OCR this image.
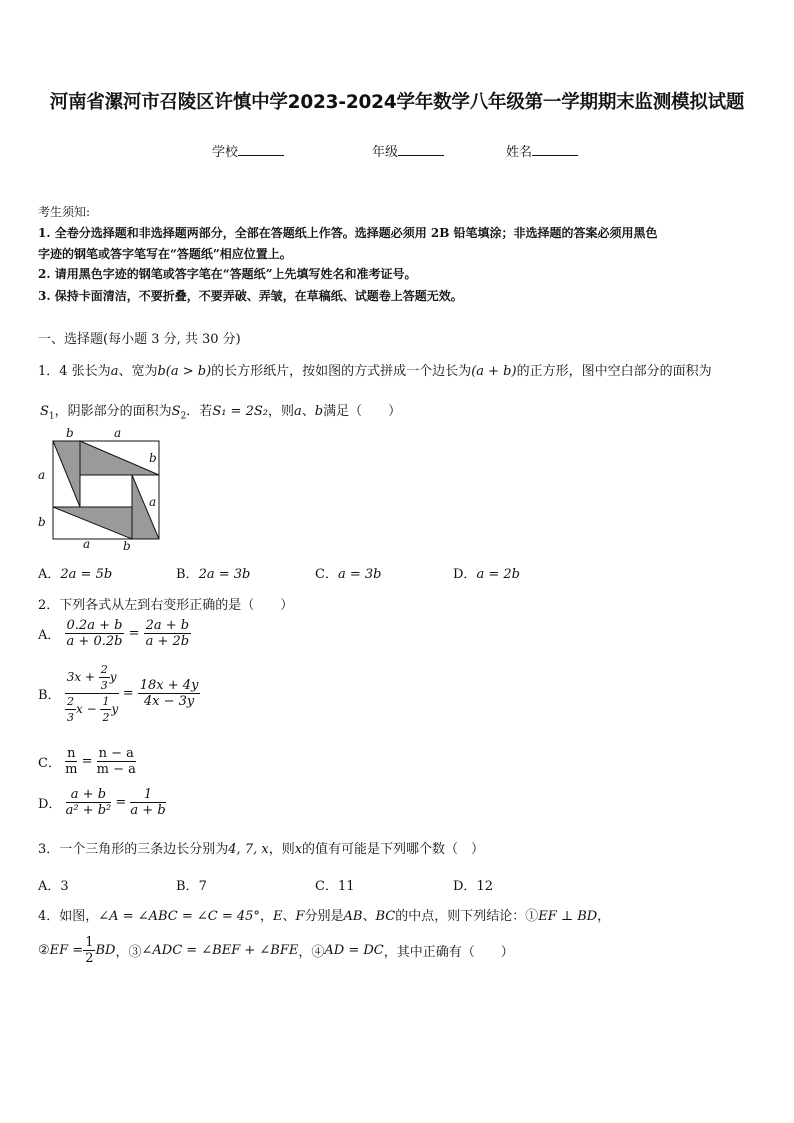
河南省漯河市召陵区许慎中学2023-2024学年数学八年级第一学期期末监测模拟试题
学校	年级	姓名
考生须知:
1. 全卷分选择题和非选择题两部分，全部在答题纸上作答。选择题必须用 2B 铅笔填涂；非选择题的答案必须用黑色
字迹的钢笔或答字笔写在“答题纸”相应位置上。
2. 请用黑色字迹的钢笔或答字笔在“答题纸”上先填写姓名和准考证号。
3. 保持卡面清洁，不要折叠，不要弄破、弄皱，在草稿纸、试题卷上答题无效。
一、选择题(每小题 3 分, 共 30 分)
1．4 张长为a、宽为b(a > b)的长方形纸片，按如图的方式拼成一个边长为(a + b)的正方形，图中空白部分的面积为
$S_1$，阴影部分的面积为$S_2$．若S₁ = 2S₂，则a、b满足（　　）
b	a
a
b
b
a
a	b
A．2a = 5b	B．2a = 3b	C．a = 3b	D．a = 2b
2．下列各式从左到右变形正确的是（　　）
A． $\frac{0.2a + b}{a + 0.2b} = \frac{2a + b}{a + 2b}$
B． $\frac{3x + \frac{2}{3} y}{\frac{2}{3} x - \frac{1}{2} y} = \frac{18x + 4y}{4x - 3y}$
C． $\frac{n}{m} = \frac{n - a}{m - a}$
D． $\frac{a + b}{\text{a² + b²}} = \frac{1}{a + b}$
3．一个三角形的三条边长分别为4, 7, x，则x的值有可能是下列哪个数（　）
A．3	B．7	C．11	D．12
4．如图，∠A = ∠ABC = ∠C = 45°，E、F分别是AB、BC的中点，则下列结论：①EF ⊥ BD，
②EF = $\frac{1}{2}$ BD，③∠ADC = ∠BEF + ∠BFE，④AD = DC，其中正确有（　　）
